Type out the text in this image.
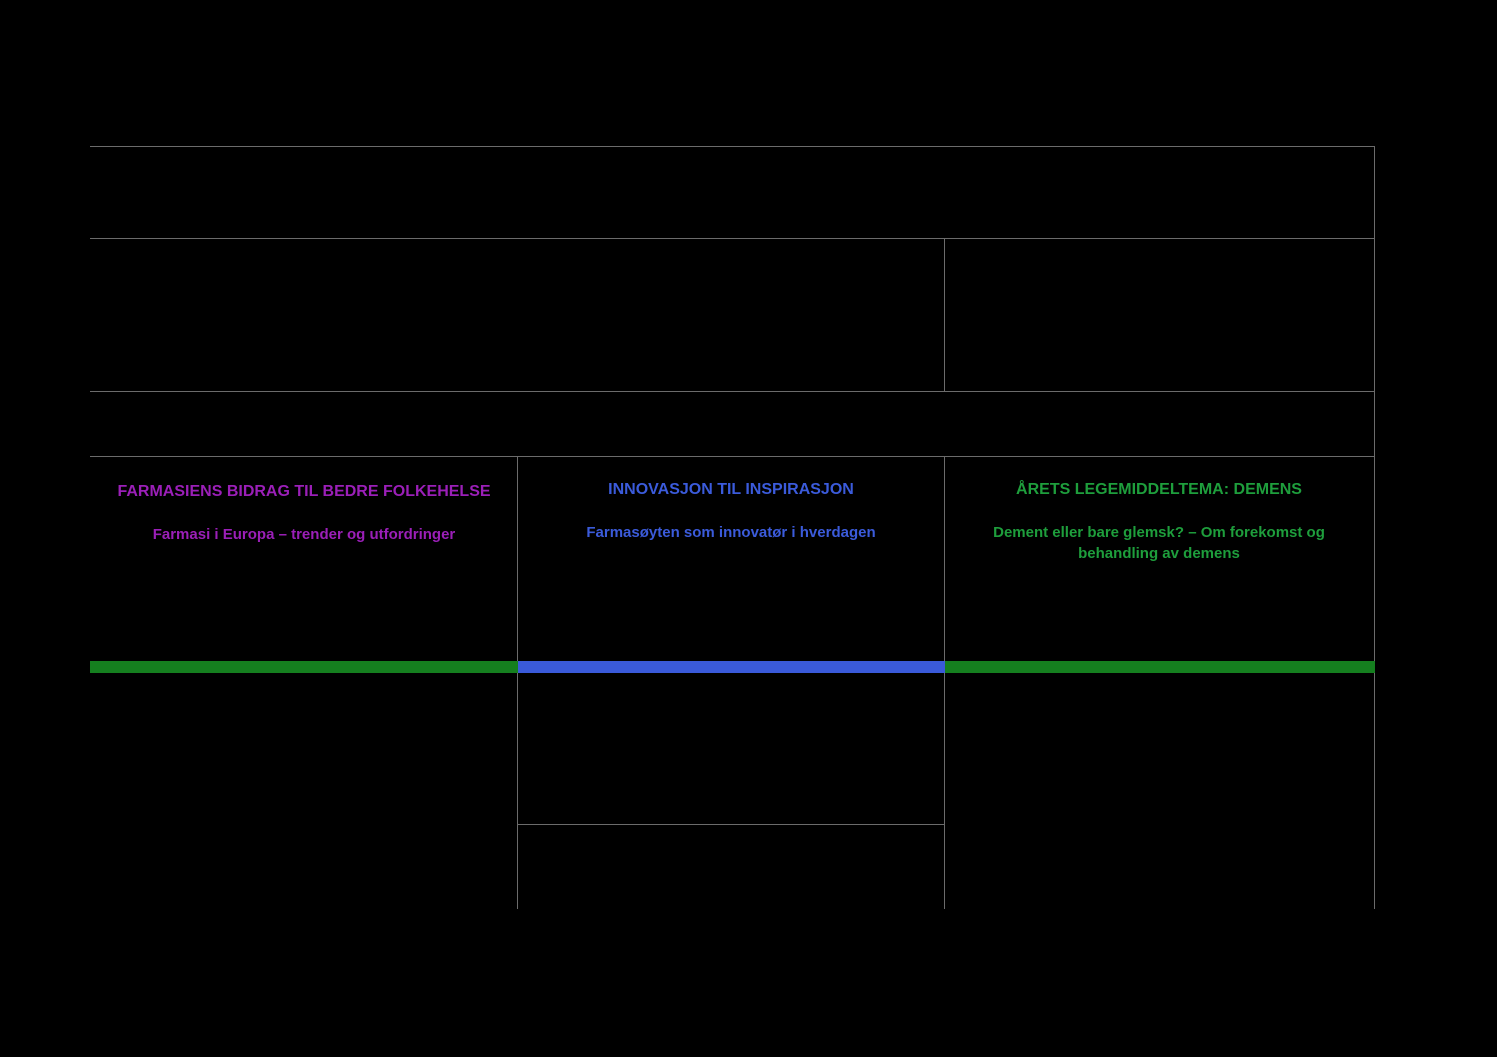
FREDAG 7. november
Kl 9-16
Kl 9.00-10.15
PECHA KUCHA – 400 sekunder-foredrag
Sal A
Møteledere: Anne Gerd Granås (Høyskolen i Oslo og Akershus) og Hedvig Nordeng
(Programkomiteen, Universitetet i Oslo)
Kl 9.00-12.00
FARMASIHISTORIE
Møterom Odin
Møteleder: Gunvor Betzy Solheim
Kl 10.15-10.35 PAUSE
FARMASIENS BIDRAG TIL BEDRE FOLKEHELSE
Farmasi i Europa – trender og utfordringer
Sal A
Møteleder: Hedvig Nordeng (Programkomiteen NFS,
Farmasøytisk institutt, UiO)
INNOVASJON TIL INSPIRASJON
Farmasøyten som innovatør i hverdagen
Auditoriet
Møteleder: Josefine Elbo Nielsen
(Programkomiteen NFS, Farmasøytisk institutt, UiO)
ÅRETS LEGEMIDDELTEMA: DEMENS
Dement eller bare glemsk? – Om forekomst og
behandling av demens
Sal D
Møteleder: Hege Karsten
(Programkomiteen NFS, Alderspsykiatrisk fag og
forskningsnettverk TeVe)
Kl 10.35-11.10 Managing Minor Ailments: Patient's Health Seeking Behavior and the Role of Community Pharmacy
v/ Dr Margaret C. Watson , PhD MSc BSc (Hons) MRPharmS, Senior Research Fellow/CLSM Public Engagement Co-ordinator, University of Aberdeen, UK
Kl 10.35-10.55 Innovative løsninger i Felleskatalogen – „App“ utvikling
v/ Bente By Jansen, Administrerende direktør, Felleskatalogen AS
Kl 10.55-11.15 Jeg skulle ønske jeg hadde?
v/ Bjørnar Allgot, Daglig leder, Diabetesforbundet
Kl 10.35-11.20 Demens – en utfordring i alderdommen
v/ Knut Engedal, Professor emeritus, dr.med. i demens- og alderspsykiatri
